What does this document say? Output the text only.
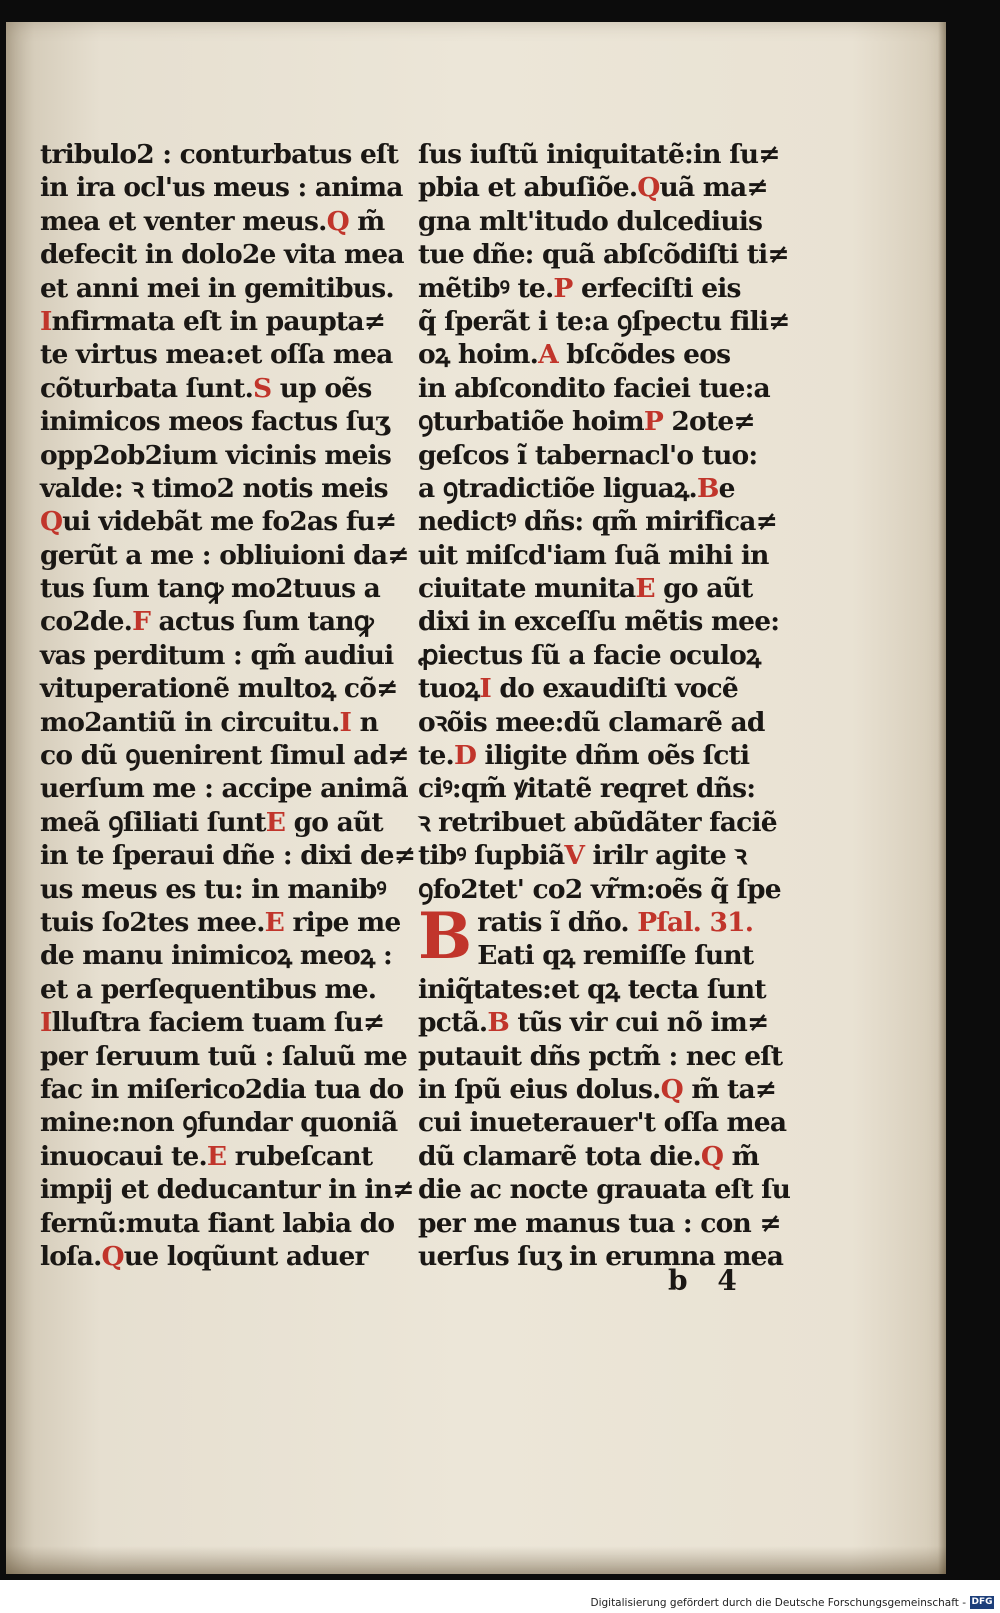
tribulo2 : conturbatus eſt
in ira ocl'us meus : anima
mea et venter meus.Q m̃
defecit in dolo2e vita mea
et anni mei in gemitibus.
Infirmata eſt in paupta≠
te virtus mea:et oſſa mea
cõturbata ſunt.S up oẽs
inimicos meos factus ſuʒ
opp2ob2ium vicinis meis
valde: ꝛ timo2 notis meis
Qui videbãt me fo2as fu≠
gerũt a me : obliuioni da≠
tus ſum tanꝙ mo2tuus a
co2de.F actus ſum tanꝙ
vas perditum : qm̃ audiui
vituperationẽ multoꝝ cõ≠
mo2antiũ in circuitu.I n
co dũ ꝯuenirent ſimul ad≠
uerſum me : accipe animã
meã ꝯſiliati ſuntE go aũt
in te ſperaui dñe : dixi de≠
us meus es tu: in manibꝰ
tuis ſo2tes mee.E ripe me
de manu inimicoꝝ meoꝝ :
et a perſequentibus me.
Illuſtra faciem tuam ſu≠
per ſeruum tuũ : ſaluũ me
fac in miſerico2dia tua do
mine:non ꝯfundar quoniã
inuocaui te.E rubeſcant
impij et deducantur in in≠
fernũ:muta fiant labia do
loſa.Que loqũunt aduer
ſus iuſtũ iniquitatẽ:in ſu≠
pbia et abuſiõe.Quã ma≠
gna mlt'itudo dulcediuis
tue dñe: quã abſcõdiſti ti≠
mẽtibꝰ te.P erfeciſti eis
q̃ ſperãt i te:a ꝯſpectu fili≠
oꝝ hoim.A bſcõdes eos
in abſcondito faciei tue:a
ꝯturbatiõe hoimP 2ote≠
geſcos ĩ tabernacl'o tuo:
a ꝯtradictiõe liguaꝝ.Be
nedictꝰ dñs: qm̃ mirifica≠
uit miſcd'iam ſuã mihi in
ciuitate munitaE go aũt
dixi in exceſſu mẽtis mee:
ꝓiectus ſũ a facie oculoꝝ
tuoꝝI do exaudiſti vocẽ
oꝛõis mee:dũ clamarẽ ad
te.D iligite dñm oẽs ſcti
ciꝰ:qm̃ ꝟitatẽ reqret dñs:
ꝛ retribuet abũdãter faciẽ
tibꝰ ſupbiãV irilr agite ꝛ
ꝯfo2tet' co2 vr̃m:oẽs q̃ ſpe
Bratis ĩ dño. Pſal. 31.
Eati qꝝ remiſſe ſunt
iniq̃tates:et qꝝ tecta ſunt
pctã.B tũs vir cui nõ im≠
putauit dñs pctm̃ : nec eſt
in ſpũ eius dolus.Q m̃ ta≠
cui inueterauer't oſſa mea
dũ clamarẽ tota die.Q m̃
die ac nocte grauata eſt ſu
per me manus tua : con ≠
uerſus ſuʒ in erumna mea
b 4
Digitalisierung gefördert durch die Deutsche Forschungsgemeinschaft - DFG
